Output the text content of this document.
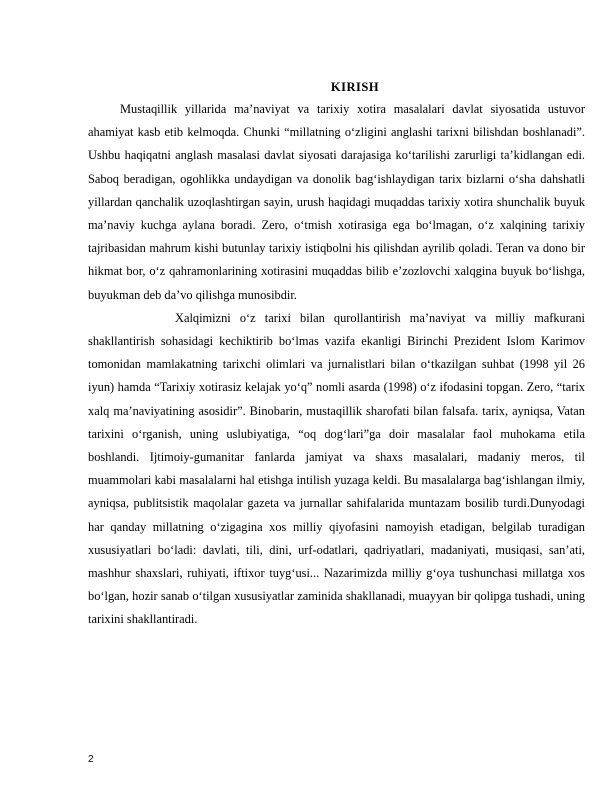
KIRISH

Mustaqillik yillarida ma’naviyat va tarixiy xotira masalalari davlat siyosatida ustuvor ahamiyat kasb etib kelmoqda. Chunki “millatning o‘zligini anglashi tarixni bilishdan boshlanadi”. Ushbu haqiqatni anglash masalasi davlat siyosati darajasiga ko‘tarilishi zarurligi ta’kidlangan edi. Saboq beradigan, ogohlikka undaydigan va donolik bag‘ishlaydigan tarix bizlarni o‘sha dahshatli yillardan qanchalik uzoqlashtirgan sayin, urush haqidagi muqaddas tarixiy xotira shunchalik buyuk ma’naviy kuchga aylana boradi. Zero, o‘tmish xotirasiga ega bo‘lmagan, o‘z xalqining tarixiy tajribasidan mahrum kishi butunlay tarixiy istiqbolni his qilishdan ayrilib qoladi. Teran va dono bir hikmat bor, o‘z qahramonlarining xotirasini muqaddas bilib e’zozlovchi xalqgina buyuk bo‘lishga, buyukman deb da’vo qilishga munosibdir.

Xalqimizni o‘z tarixi bilan qurollantirish ma’naviyat va milliy mafkurani shakllantirish sohasidagi kechiktirib bo‘lmas vazifa ekanligi Birinchi Prezident Islom Karimov tomonidan mamlakatning tarixchi olimlari va jurnalistlari bilan o‘tkazilgan suhbat (1998 yil 26 iyun) hamda “Tarixiy xotirasiz kelajak yo‘q” nomli asarda (1998) o‘z ifodasini topgan. Zero, “tarix xalq ma’naviyatining asosidir”. Binobarin, mustaqillik sharofati bilan falsafa. tarix, ayniqsa, Vatan tarixini o‘rganish, uning uslubiyatiga, “oq dog‘lari”ga doir masalalar faol muhokama etila boshlandi. Ijtimoiy-gumanitar fanlarda jamiyat va shaxs masalalari, madaniy meros, til muammolari kabi masalalarni hal etishga intilish yuzaga keldi. Bu masalalarga bag‘ishlangan ilmiy, ayniqsa, publitsistik maqolalar gazeta va jurnallar sahifalarida muntazam bosilib turdi.Dunyodagi har qanday millatning o‘zigagina xos milliy qiyofasini namoyish etadigan, belgilab turadigan xususiyatlari bo‘ladi: davlati, tili, dini, urf-odatlari, qadriyatlari, madaniyati, musiqasi, san’ati, mashhur shaxslari, ruhiyati, iftixor tuyg‘usi... Nazarimizda milliy g‘oya tushunchasi millatga xos bo‘lgan, hozir sanab o‘tilgan xususiyatlar zaminida shakllanadi, muayyan bir qolipga tushadi, uning tarixini shakllantiradi.

2
